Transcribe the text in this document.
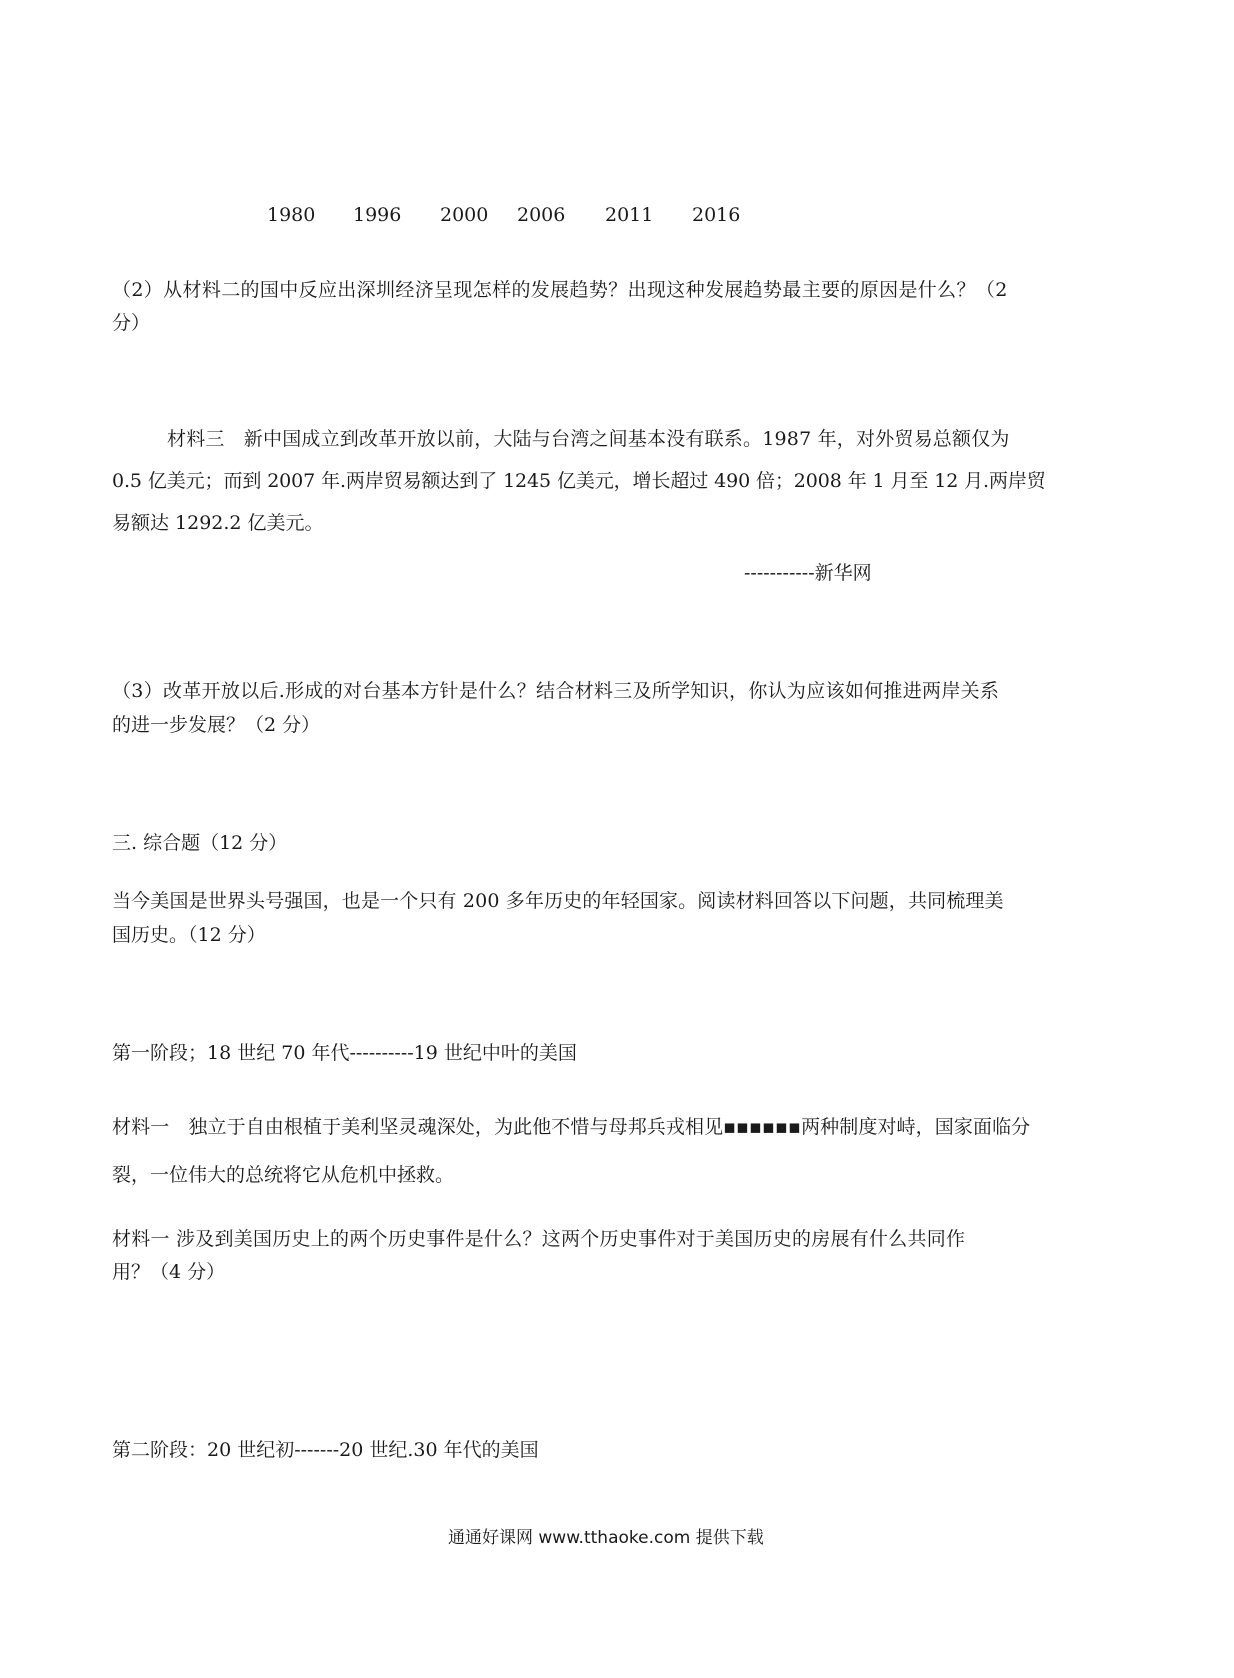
1980 1996 2000 2006 2011 2016
（2）从材料二的国中反应出深圳经济呈现怎样的发展趋势？出现这种发展趋势最主要的原因是什么？（2
分）
材料三　新中国成立到改革开放以前，大陆与台湾之间基本没有联系。1987 年，对外贸易总额仅为
0.5 亿美元；而到 2007 年.两岸贸易额达到了 1245 亿美元，增长超过 490 倍；2008 年 1 月至 12 月.两岸贸
易额达 1292.2 亿美元。
-----------新华网
（3）改革开放以后.形成的对台基本方针是什么？结合材料三及所学知识，你认为应该如何推进两岸关系
的进一步发展？（2 分）
三. 综合题（12 分）
当今美国是世界头号强国，也是一个只有 200 多年历史的年轻国家。阅读材料回答以下问题，共同梳理美
国历史。（12 分）
第一阶段；18 世纪 70 年代----------19 世纪中叶的美国
材料一　独立于自由根植于美利坚灵魂深处，为此他不惜与母邦兵戎相见▪▪▪▪▪▪两种制度对峙，国家面临分
裂，一位伟大的总统将它从危机中拯救。
材料一 涉及到美国历史上的两个历史事件是什么？这两个历史事件对于美国历史的房展有什么共同作
用？（4 分）
第二阶段：20 世纪初-------20 世纪.30 年代的美国
通通好课网 www.tthaoke.com 提供下载
